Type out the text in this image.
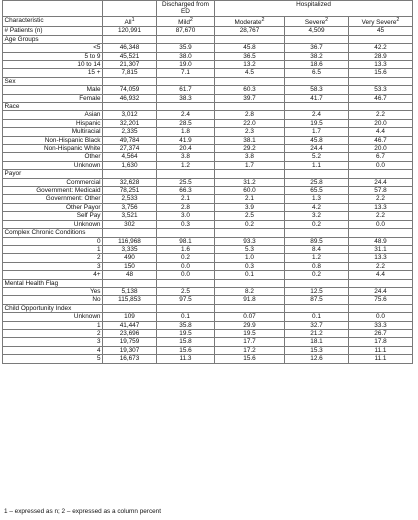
		Discharged from ED	Hospitalized		
Characteristic	All$^1$	Mild$^2$	Moderate$^2$	Severe$^2$	Very Severe$^2$
# Patients (n)	120,991	87,670	28,767	4,509	45
Age Groups					
<5	46,348	35.9	45.8	36.7	42.2
5 to 9	45,521	38.0	36.5	38.2	28.9
10 to 14	21,307	19.0	13.2	18.6	13.3
15 +	7,815	7.1	4.5	6.5	15.6
Sex					
Male	74,059	61.7	60.3	58.3	53.3
Female	46,932	38.3	39.7	41.7	46.7
Race					
Asian	3,012	2.4	2.8	2.4	2.2
Hispanic	32,201	28.5	22.0	19.5	20.0
Multiracial	2,335	1.8	2.3	1.7	4.4
Non-Hispanic Black	49,784	41.9	38.1	45.8	46.7
Non-Hispanic White	27,374	20.4	29.2	24.4	20.0
Other	4,564	3.8	3.8	5.2	6.7
Unknown	1,630	1.2	1.7	1.1	0.0
Payor					
Commercial	32,628	25.5	31.2	25.8	24.4
Government: Medicaid	78,251	66.3	60.0	65.5	57.8
Government: Other	2,533	2.1	2.1	1.3	2.2
Other Payor	3,756	2.8	3.9	4.2	13.3
Self Pay	3,521	3.0	2.5	3.2	2.2
Unknown	302	0.3	0.2	0.2	0.0
Complex Chronic Conditions					
0	116,968	98.1	93.3	89.5	48.9
1	3,335	1.6	5.3	8.4	31.1
2	490	0.2	1.0	1.2	13.3
3	150	0.0	0.3	0.8	2.2
4+	48	0.0	0.1	0.2	4.4
Mental Health Flag					
Yes	5,138	2.5	8.2	12.5	24.4
No	115,853	97.5	91.8	87.5	75.6
Child Opportunity Index					
Unknown	109	0.1	0.07	0.1	0.0
1	41,447	35.8	29.9	32.7	33.3
2	23,696	19.5	19.5	21.2	26.7
3	19,759	15.8	17.7	18.1	17.8
4	19,307	15.6	17.2	15.3	11.1
5	16,673	11.3	15.6	12.6	11.1
1 – expressed as n; 2 – expressed as a column percent
